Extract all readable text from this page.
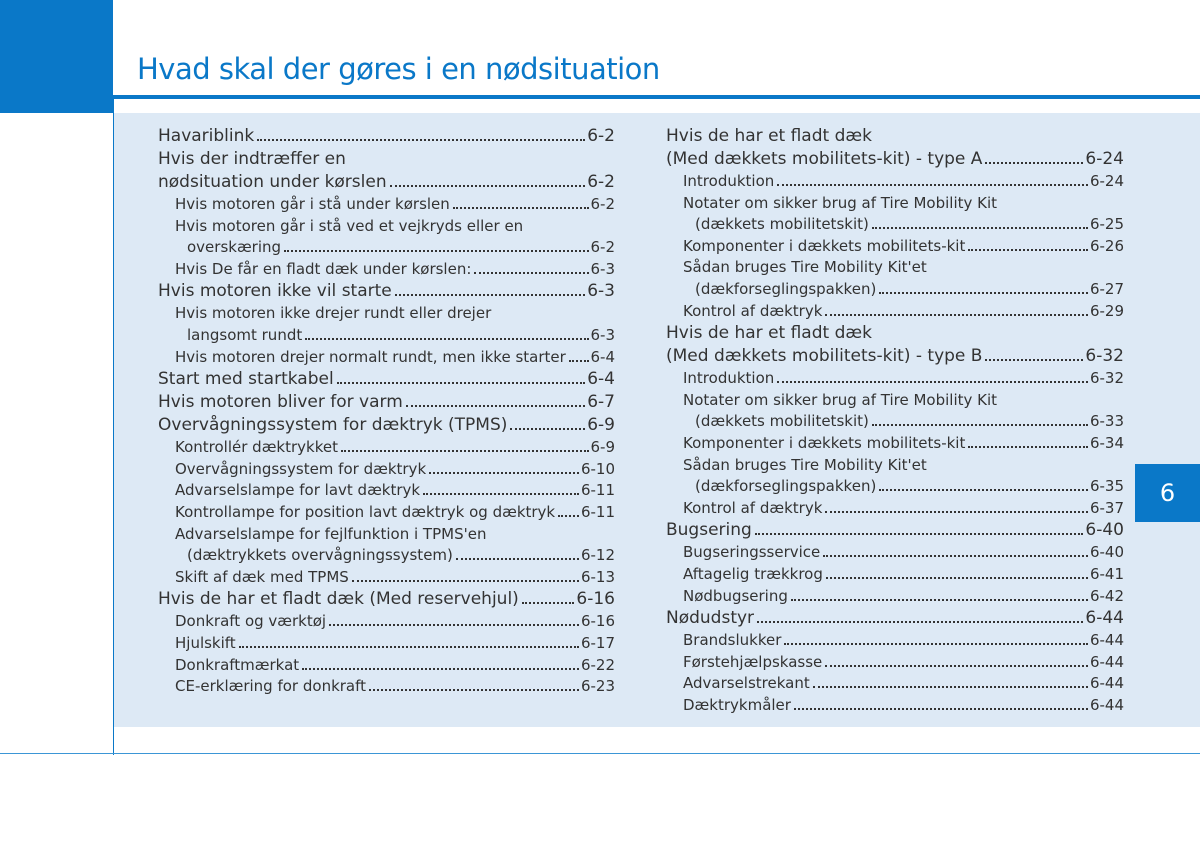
Hvad skal der gøres i en nødsituation
6
Havariblink	6-2
Hvis der indtræffer en
nødsituation under kørslen	6-2
Hvis motoren går i stå under kørslen	6-2
Hvis motoren går i stå ved et vejkryds eller en
overskæring	6-2
Hvis De får en fladt dæk under kørslen:	6-3
Hvis motoren ikke vil starte	6-3
Hvis motoren ikke drejer rundt eller drejer
langsomt rundt	6-3
Hvis motoren drejer normalt rundt, men ikke starter 6-4
Start med startkabel	6-4
Hvis motoren bliver for varm	6-7
Overvågningssystem for dæktryk (TPMS)	6-9
Kontrollér dæktrykket	6-9
Overvågningssystem for dæktryk	6-10
Advarselslampe for lavt dæktryk	6-11
Kontrollampe for position lavt dæktryk og dæktryk 6-11
Advarselslampe for fejlfunktion i TPMS'en
(dæktrykkets overvågningssystem)	6-12
Skift af dæk med TPMS	6-13
Hvis de har et fladt dæk (Med reservehjul)	6-16
Donkraft og værktøj	6-16
Hjulskift	6-17
Donkraftmærkat	6-22
CE-erklæring for donkraft	6-23
Hvis de har et fladt dæk
(Med dækkets mobilitets-kit) - type A	6-24
Introduktion	6-24
Notater om sikker brug af Tire Mobility Kit
(dækkets mobilitetskit)	6-25
Komponenter i dækkets mobilitets-kit	6-26
Sådan bruges Tire Mobility Kit'et
(dækforseglingspakken)	6-27
Kontrol af dæktryk	6-29
Hvis de har et fladt dæk
(Med dækkets mobilitets-kit) - type B	6-32
Introduktion	6-32
Notater om sikker brug af Tire Mobility Kit
(dækkets mobilitetskit)	6-33
Komponenter i dækkets mobilitets-kit	6-34
Sådan bruges Tire Mobility Kit'et
(dækforseglingspakken)	6-35
Kontrol af dæktryk	6-37
Bugsering	6-40
Bugseringsservice	6-40
Aftagelig trækkrog	6-41
Nødbugsering	6-42
Nødudstyr	6-44
Brandslukker	6-44
Førstehjælpskasse	6-44
Advarselstrekant	6-44
Dæktrykmåler	6-44
